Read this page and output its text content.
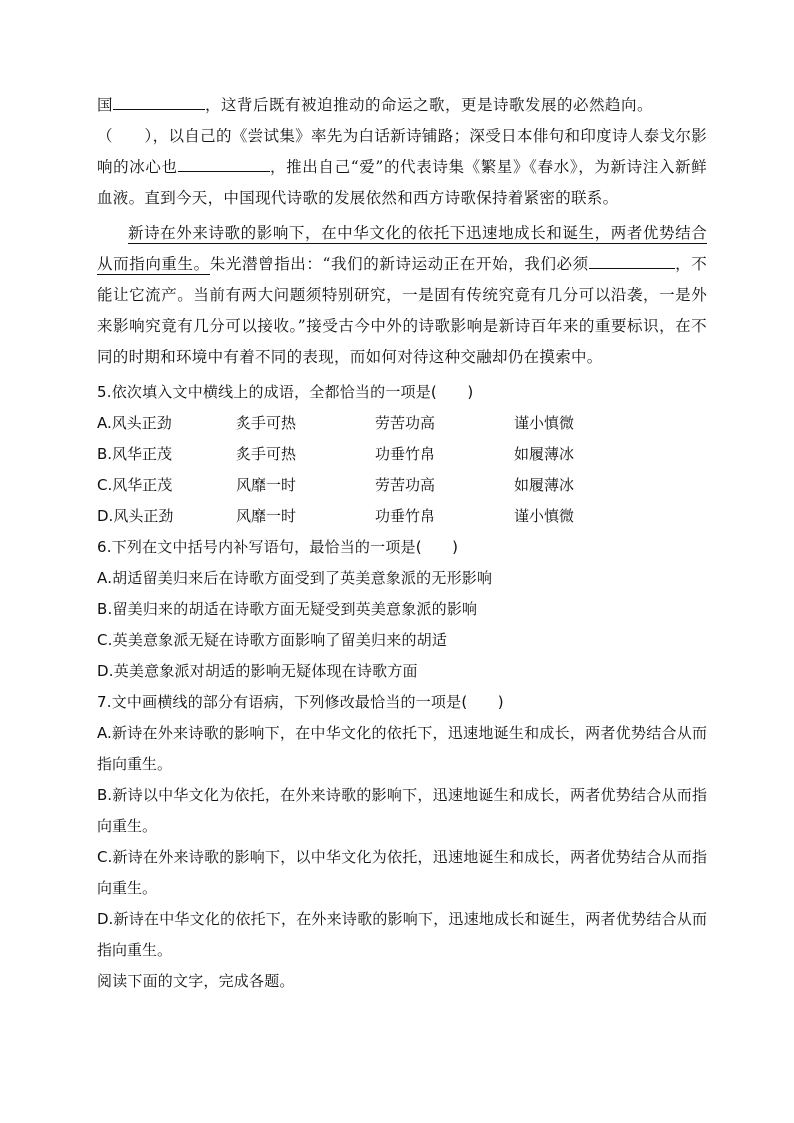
国	，这背后既有被迫推动的命运之歌，更是诗歌发展的必然趋向。

（　　），以自己的《尝试集》率先为白话新诗铺路；深受日本俳句和印度诗人泰戈尔影响的冰心也	，推出自己“爱”的代表诗集《繁星》《春水》，为新诗注入新鲜血液。直到今天，中国现代诗歌的发展依然和西方诗歌保持着紧密的联系。

新诗在外来诗歌的影响下，在中华文化的依托下迅速地成长和诞生，两者优势结合从而指向重生。朱光潜曾指出：“我们的新诗运动正在开始，我们必须	，不能让它流产。当前有两大问题须特别研究，一是固有传统究竟有几分可以沿袭，一是外来影响究竟有几分可以接收。”接受古今中外的诗歌影响是新诗百年来的重要标识，在不同的时期和环境中有着不同的表现，而如何对待这种交融却仍在摸索中。

5.依次填入文中横线上的成语，全都恰当的一项是(　　)
A.风头正劲	炙手可热	劳苦功高	谨小慎微
B.风华正茂	炙手可热	功垂竹帛	如履薄冰
C.风华正茂	风靡一时	劳苦功高	如履薄冰
D.风头正劲	风靡一时	功垂竹帛	谨小慎微
6.下列在文中括号内补写语句，最恰当的一项是(　　)
A.胡适留美归来后在诗歌方面受到了英美意象派的无形影响
B.留美归来的胡适在诗歌方面无疑受到英美意象派的影响
C.英美意象派无疑在诗歌方面影响了留美归来的胡适
D.英美意象派对胡适的影响无疑体现在诗歌方面
7.文中画横线的部分有语病，下列修改最恰当的一项是(　　)
A.新诗在外来诗歌的影响下，在中华文化的依托下，迅速地诞生和成长，两者优势结合从而指向重生。
B.新诗以中华文化为依托，在外来诗歌的影响下，迅速地诞生和成长，两者优势结合从而指向重生。
C.新诗在外来诗歌的影响下，以中华文化为依托，迅速地诞生和成长，两者优势结合从而指向重生。
D.新诗在中华文化的依托下，在外来诗歌的影响下，迅速地成长和诞生，两者优势结合从而指向重生。
阅读下面的文字，完成各题。
